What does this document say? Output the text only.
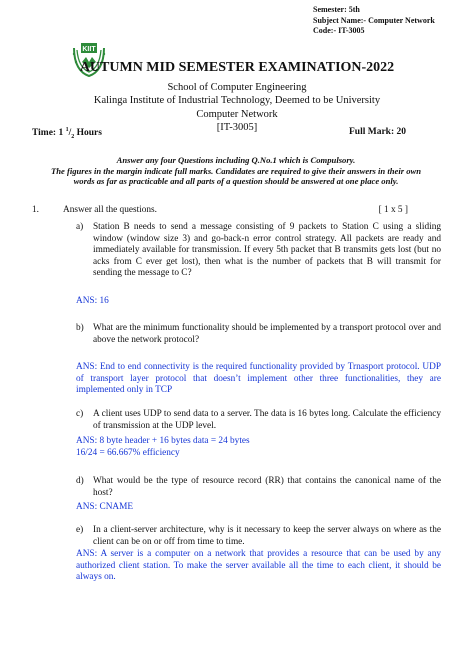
Semester: 5th
Subject Name:- Computer Network
Code:- IT-3005
KIIT
AUTUMN MID SEMESTER EXAMINATION-2022
School of Computer Engineering
Kalinga Institute of Industrial Technology, Deemed to be University
Computer Network
[IT-3005]
Time: 1 $^1/_2$ Hours	Full Mark: 20
Answer any four Questions including Q.No.1 which is Compulsory.
The figures in the margin indicate full marks. Candidates are required to give their answers in their own
words as far as practicable and all parts of a question should be answered at one place only.
1.	Answer all the questions.	[ 1 x 5 ]
a) Station B needs to send a message consisting of 9 packets to Station C using a sliding window (window size 3) and go-back-n error control strategy. All packets are ready and immediately available for transmission. If every 5th packet that B transmits gets lost (but no acks from C ever get lost), then what is the number of packets that B will transmit for sending the message to C?
ANS: 16
b) What are the minimum functionality should be implemented by a transport protocol over and above the network protocol?
ANS: End to end connectivity is the required functionality provided by Trnasport protocol. UDP of transport layer protocol that doesn’t implement other three functionalities, they are implemented only in TCP
c) A client uses UDP to send data to a server. The data is 16 bytes long. Calculate the efficiency of transmission at the UDP level.
ANS: 8 byte header + 16 bytes data = 24 bytes
16/24 = 66.667% efficiency
d) What would be the type of resource record (RR) that contains the canonical name of the host?
ANS: CNAME
e) In a client-server architecture, why is it necessary to keep the server always on where as the client can be on or off from time to time.
ANS: A server is a computer on a network that provides a resource that can be used by any authorized client station. To make the server available all the time to each client, it should be always on.
